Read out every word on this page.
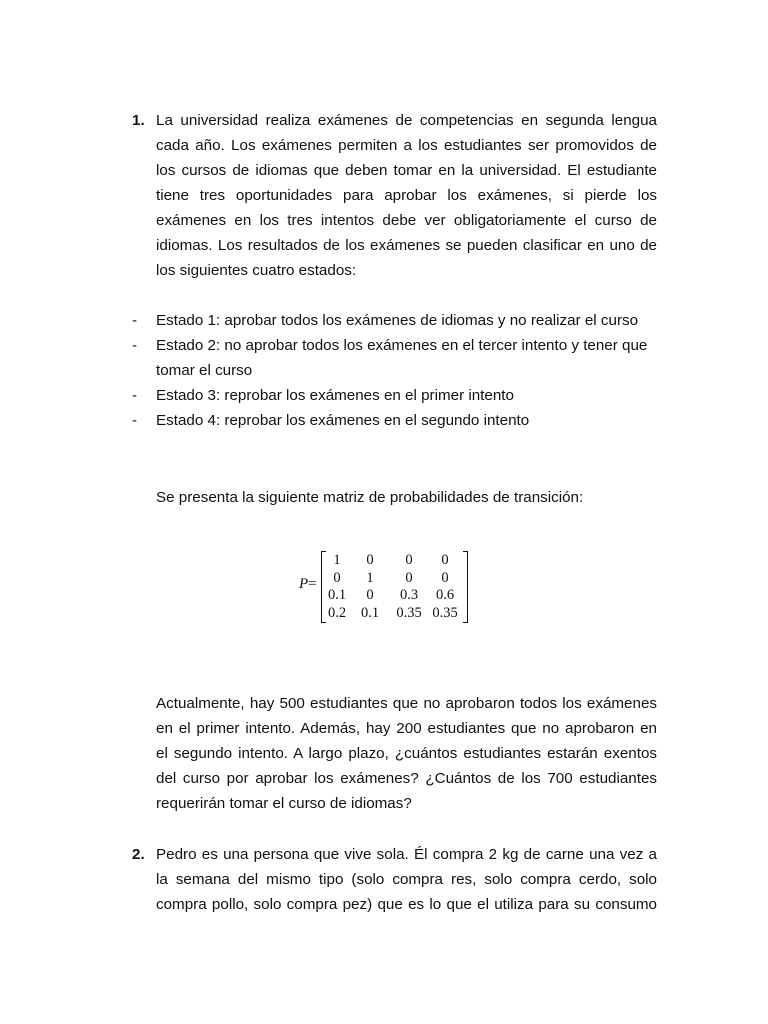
1. La universidad realiza exámenes de competencias en segunda lengua
cada año. Los exámenes permiten a los estudiantes ser promovidos de
los cursos de idiomas que deben tomar en la universidad. El estudiante
tiene tres oportunidades para aprobar los exámenes, si pierde los
exámenes en los tres intentos debe ver obligatoriamente el curso de
idiomas. Los resultados de los exámenes se pueden clasificar en uno de
los siguientes cuatro estados:

- Estado 1: aprobar todos los exámenes de idiomas y no realizar el curso
- Estado 2: no aprobar todos los exámenes en el tercer intento y tener que tomar el curso
- Estado 3: reprobar los exámenes en el primer intento
- Estado 4: reprobar los exámenes en el segundo intento

Se presenta la siguiente matriz de probabilidades de transición:

P=
1	0	0	0
0	1	0	0
0.1	0	0.3	0.6
0.2	0.1	0.35 0.35

Actualmente, hay 500 estudiantes que no aprobaron todos los exámenes
en el primer intento. Además, hay 200 estudiantes que no aprobaron en
el segundo intento. A largo plazo, ¿cuántos estudiantes estarán exentos
del curso por aprobar los exámenes? ¿Cuántos de los 700 estudiantes
requerirán tomar el curso de idiomas?

2. Pedro es una persona que vive sola. Él compra 2 kg de carne una vez a
la semana del mismo tipo (solo compra res, solo compra cerdo, solo
compra pollo, solo compra pez) que es lo que el utiliza para su consumo
